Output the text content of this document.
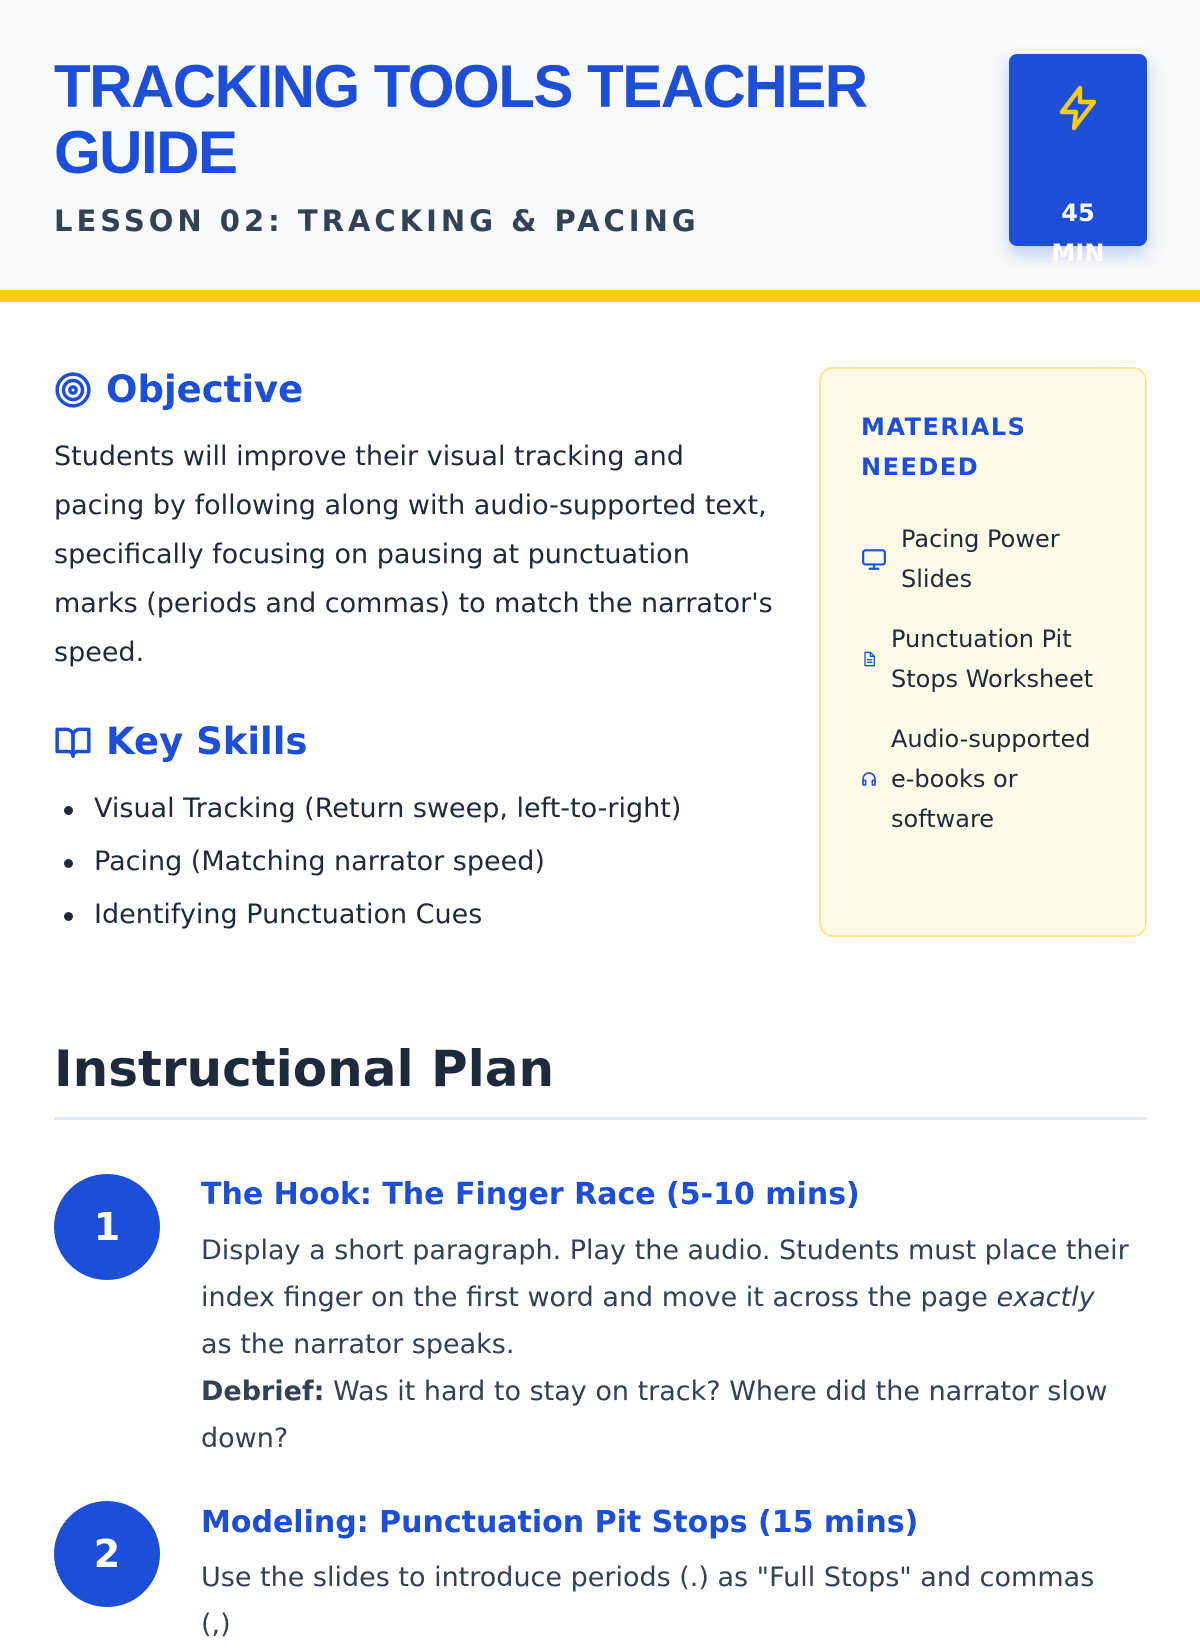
TRACKING TOOLS TEACHER GUIDE
LESSON 02: TRACKING & PACING	45
MIN
Objective

Students will improve their visual tracking and pacing by following along with audio-supported text, specifically focusing on pausing at punctuation marks (periods and commas) to match the narrator's speed.

Key Skills
Visual Tracking (Return sweep, left-to-right)
Pacing (Matching narrator speed)
Identifying Punctuation Cues
MATERIALS NEEDED
Pacing Power Slides
Punctuation Pit Stops Worksheet
Audio-supported e-books or software
Instructional Plan
1
The Hook: The Finger Race (5-10 mins)
Display a short paragraph. Play the audio. Students must place their index finger on the first word and move it across the page exactly as the narrator speaks.
Debrief: Was it hard to stay on track? Where did the narrator slow down?
2
Modeling: Punctuation Pit Stops (15 mins)
Use the slides to introduce periods (.) as "Full Stops" and commas (,)
